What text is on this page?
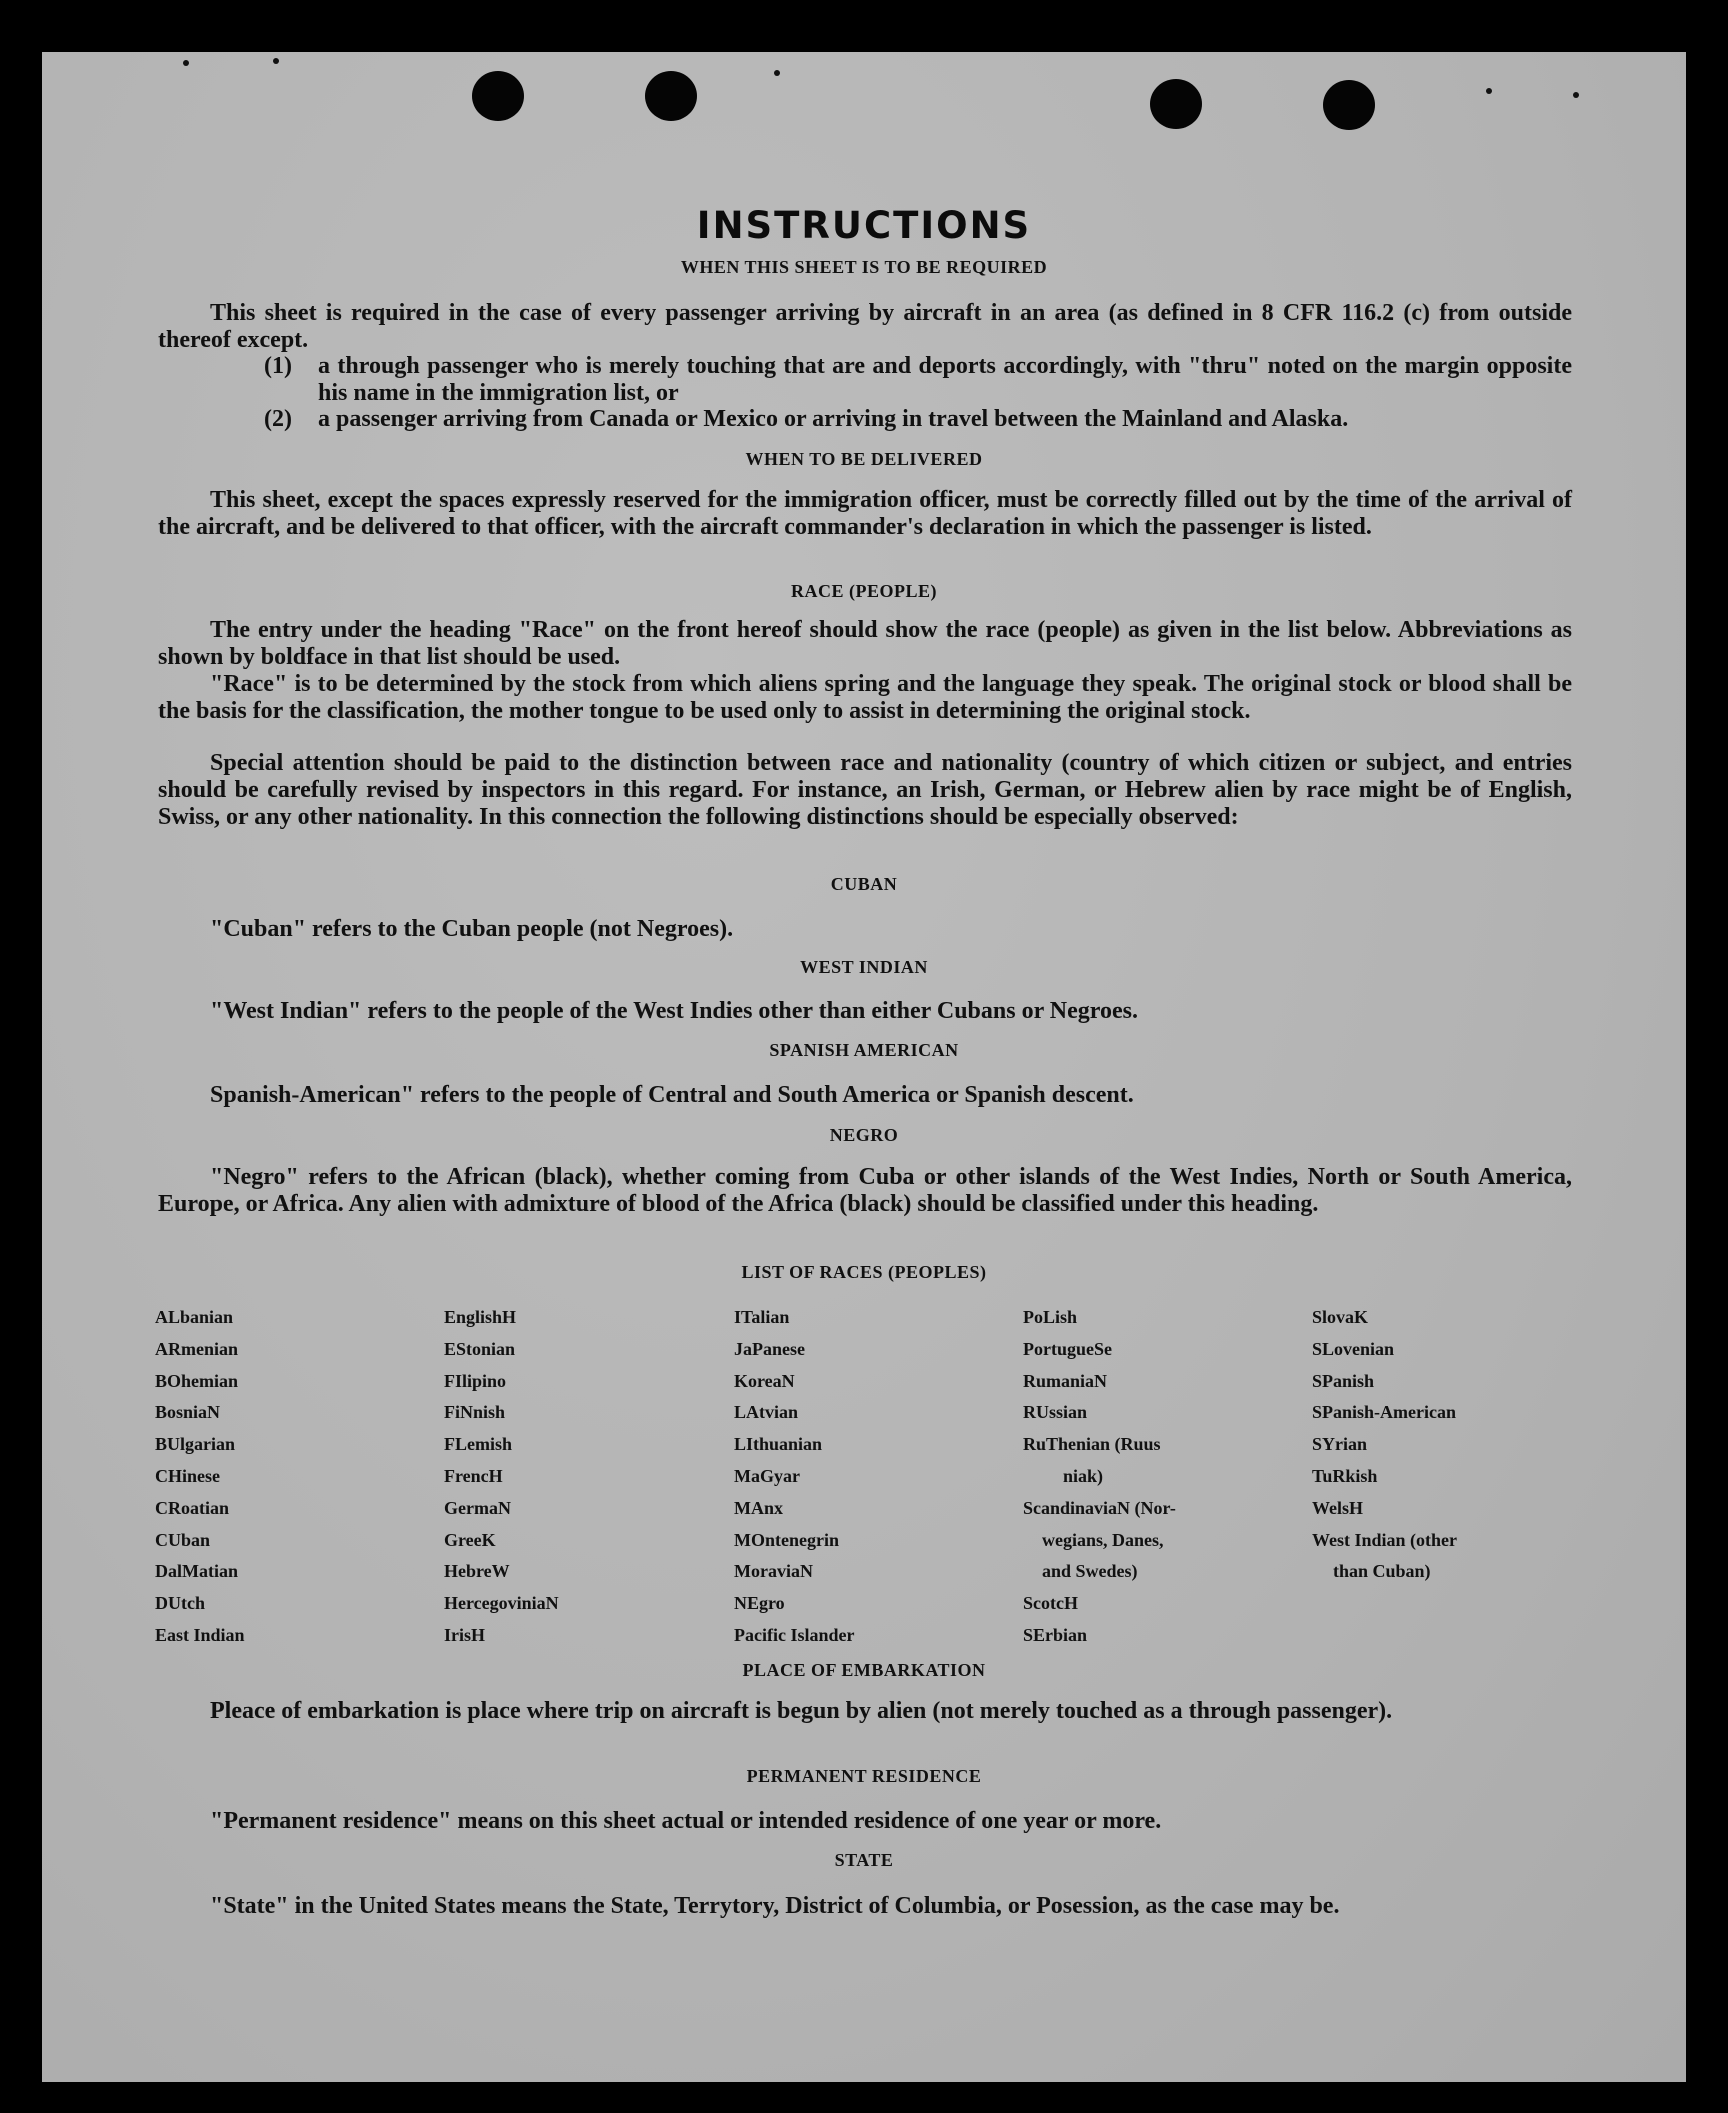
INSTRUCTIONS
WHEN THIS SHEET IS TO BE REQUIRED
This sheet is required in the case of every passenger arriving by aircraft in an area (as defined in 8 CFR 116.2 (c) from outside thereof except.
(1) a through passenger who is merely touching that are and deports accordingly, with "thru" noted on the margin opposite his name in the immigration list, or
(2) a passenger arriving from Canada or Mexico or arriving in travel between the Mainland and Alaska.
WHEN TO BE DELIVERED
This sheet, except the spaces expressly reserved for the immigration officer, must be correctly filled out by the time of the arrival of the aircraft, and be delivered to that officer, with the aircraft commander's declaration in which the passenger is listed.
RACE (PEOPLE)
The entry under the heading "Race" on the front hereof should show the race (people) as given in the list below. Abbreviations as shown by boldface in that list should be used.
"Race" is to be determined by the stock from which aliens spring and the language they speak. The original stock or blood shall be the basis for the classification, the mother tongue to be used only to assist in determining the original stock.
Special attention should be paid to the distinction between race and nationality (country of which citizen or subject, and entries should be carefully revised by inspectors in this regard. For instance, an Irish, German, or Hebrew alien by race might be of English, Swiss, or any other nationality. In this connection the following distinctions should be especially observed:
CUBAN
"Cuban" refers to the Cuban people (not Negroes).
WEST INDIAN
"West Indian" refers to the people of the West Indies other than either Cubans or Negroes.
SPANISH AMERICAN
Spanish-American" refers to the people of Central and South America or Spanish descent.
NEGRO
"Negro" refers to the African (black), whether coming from Cuba or other islands of the West Indies, North or South America, Europe, or Africa. Any alien with admixture of blood of the Africa (black) should be classified under this heading.
LIST OF RACES (PEOPLES)
ALbanian
ARmenian
BOhemian
BosniaN
BUlgarian
CHinese
CRoatian
CUban
DalMatian
DUtch
East Indian
EnglishH
EStonian
FIlipino
FiNnish
FLemish
FrencH
GermaN
GreeK
HebreW
HercegoviniaN
IrisH
ITalian
JaPanese
KoreaN
LAtvian
LIthuanian
MaGyar
MAnx
MOntenegrin
MoraviaN
NEgro
Pacific Islander
PoLish
PortugueSe
RumaniaN
RUssian
RuThenian (Ruus
niak)
ScandinaviaN (Nor-
wegians, Danes,
and Swedes)
ScotcH
SErbian
SlovaK
SLovenian
SPanish
SPanish-American
SYrian
TuRkish
WelsH
West Indian (other
than Cuban)
PLACE OF EMBARKATION
Pleace of embarkation is place where trip on aircraft is begun by alien (not merely touched as a through passenger).
PERMANENT RESIDENCE
"Permanent residence" means on this sheet actual or intended residence of one year or more.
STATE
"State" in the United States means the State, Terrytory, District of Columbia, or Posession, as the case may be.
